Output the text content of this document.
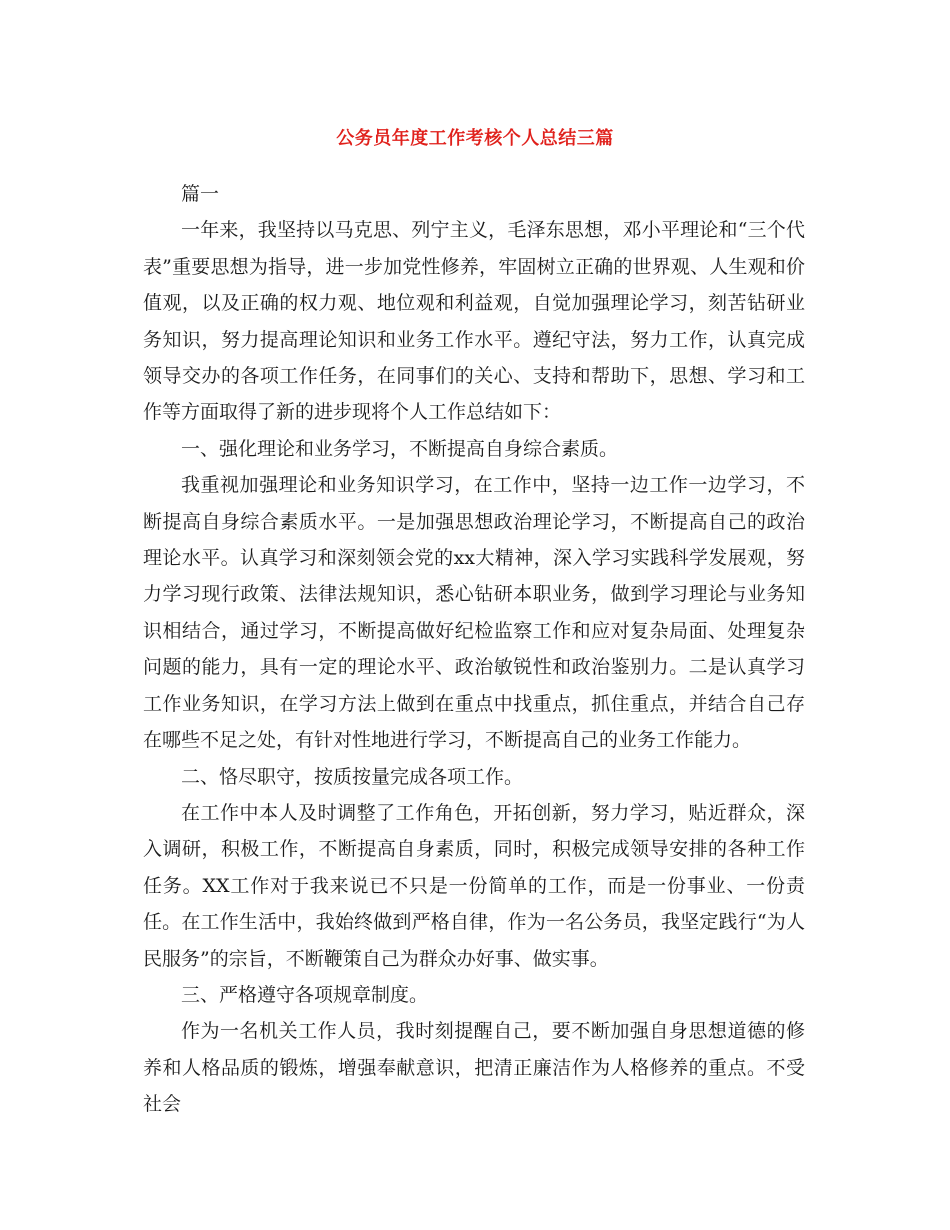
公务员年度工作考核个人总结三篇

篇一

一年来，我坚持以马克思、列宁主义，毛泽东思想，邓小平理论和“三个代表”重要思想为指导，进一步加党性修养，牢固树立正确的世界观、人生观和价值观，以及正确的权力观、地位观和利益观，自觉加强理论学习，刻苦钻研业务知识，努力提高理论知识和业务工作水平。遵纪守法，努力工作，认真完成领导交办的各项工作任务，在同事们的关心、支持和帮助下，思想、学习和工作等方面取得了新的进步现将个人工作总结如下：

一、强化理论和业务学习，不断提高自身综合素质。

我重视加强理论和业务知识学习，在工作中，坚持一边工作一边学习，不断提高自身综合素质水平。一是加强思想政治理论学习，不断提高自己的政治理论水平。认真学习和深刻领会党的xx大精神，深入学习实践科学发展观，努力学习现行政策、法律法规知识，悉心钻研本职业务，做到学习理论与业务知识相结合，通过学习，不断提高做好纪检监察工作和应对复杂局面、处理复杂问题的能力，具有一定的理论水平、政治敏锐性和政治鉴别力。二是认真学习工作业务知识，在学习方法上做到在重点中找重点，抓住重点，并结合自己存在哪些不足之处，有针对性地进行学习，不断提高自己的业务工作能力。

二、恪尽职守，按质按量完成各项工作。

在工作中本人及时调整了工作角色，开拓创新，努力学习，贴近群众，深入调研，积极工作，不断提高自身素质，同时，积极完成领导安排的各种工作任务。XX工作对于我来说已不只是一份简单的工作，而是一份事业、一份责任。在工作生活中，我始终做到严格自律，作为一名公务员，我坚定践行“为人民服务”的宗旨，不断鞭策自己为群众办好事、做实事。

三、严格遵守各项规章制度。

作为一名机关工作人员，我时刻提醒自己，要不断加强自身思想道德的修养和人格品质的锻炼，增强奉献意识，把清正廉洁作为人格修养的重点。不受社会
